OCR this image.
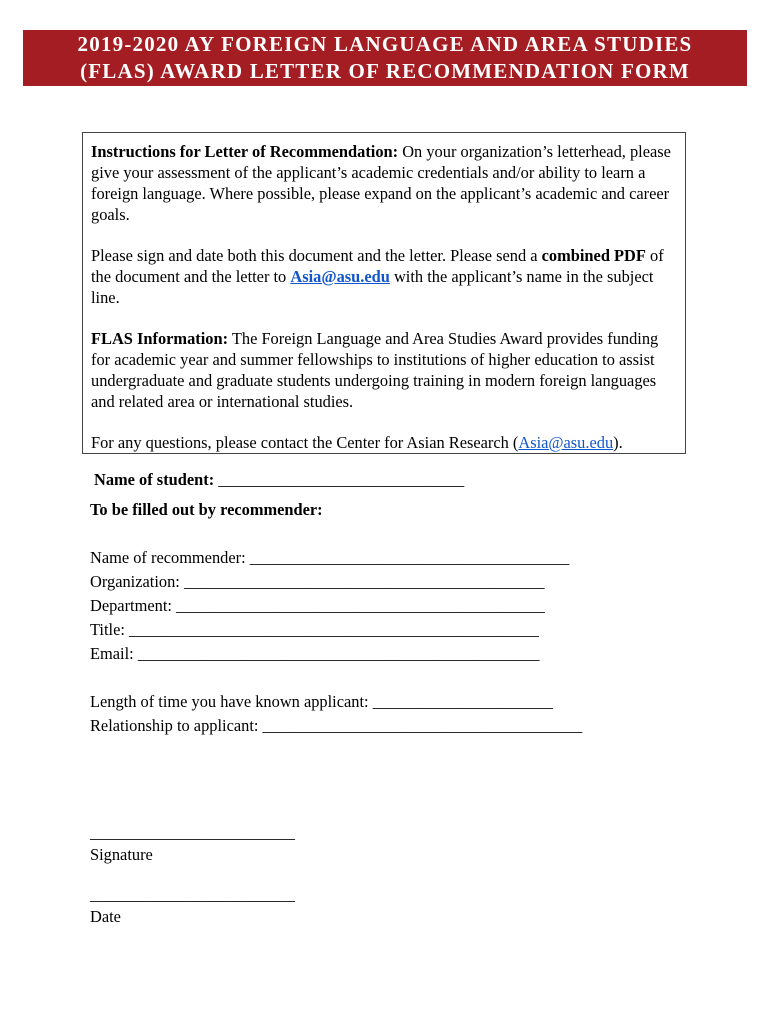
2019-2020 AY FOREIGN LANGUAGE AND AREA STUDIES
(FLAS) AWARD LETTER OF RECOMMENDATION FORM

Instructions for Letter of Recommendation: On your organization’s letterhead, please give your assessment of the applicant’s academic credentials and/or ability to learn a foreign language. Where possible, please expand on the applicant’s academic and career goals.

Please sign and date both this document and the letter. Please send a combined PDF of the document and the letter to Asia@asu.edu with the applicant’s name in the subject line.

FLAS Information: The Foreign Language and Area Studies Award provides funding for academic year and summer fellowships to institutions of higher education to assist undergraduate and graduate students undergoing training in modern foreign languages and related area or international studies.

For any questions, please contact the Center for Asian Research (Asia@asu.edu).

Name of student: ______________________________
To be filled out by recommender:
Name of recommender: _______________________________________
Organization: ____________________________________________
Department: _____________________________________________
Title: __________________________________________________
Email: _________________________________________________
Length of time you have known applicant: ______________________
Relationship to applicant: _______________________________________
_________________________
Signature
_________________________
Date
